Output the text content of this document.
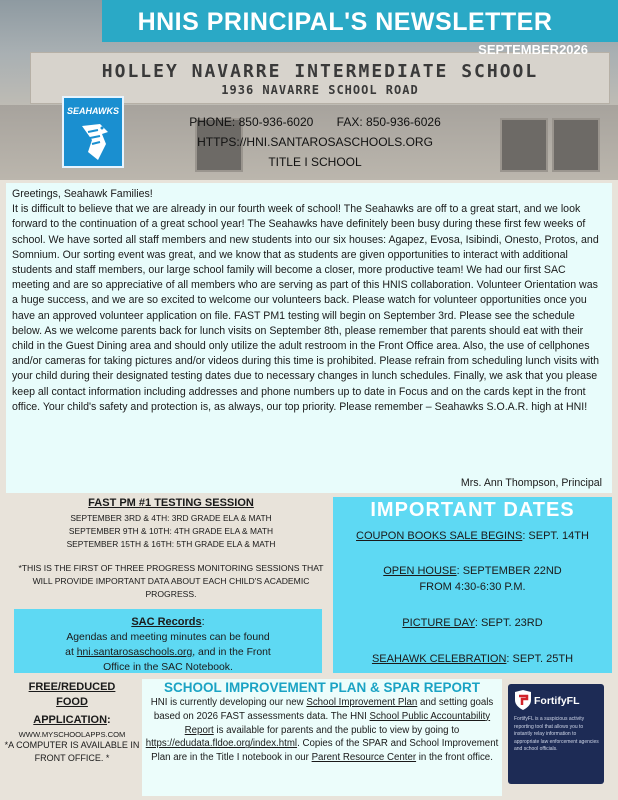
HOLLEY NAVARRE INTERMEDIATE SCHOOL
1936 NAVARRE SCHOOL ROAD
HNIS PRINCIPAL'S NEWSLETTER
SEPTEMBER2026
SEAHAWKS
PHONE: 850-936-6020 FAX: 850-936-6026
HTTPS://HNI.SANTAROSASCHOOLS.ORG
TITLE I SCHOOL

Greetings, Seahawk Families!

It is difficult to believe that we are already in our fourth week of school! The Seahawks are off to a great start, and we look forward to the continuation of a great school year! The Seahawks have definitely been busy during these first few weeks of school. We have sorted all staff members and new students into our six houses: Agapez, Evosa, Isibindi, Onesto, Protos, and Somnium. Our sorting event was great, and we know that as students are given opportunities to interact with additional students and staff members, our large school family will become a closer, more productive team! We had our first SAC meeting and are so appreciative of all members who are serving as part of this HNIS collaboration. Volunteer Orientation was a huge success, and we are so excited to welcome our volunteers back. Please watch for volunteer opportunities once you have an approved volunteer application on file. FAST PM1 testing will begin on September 3rd. Please see the schedule below. As we welcome parents back for lunch visits on September 8th, please remember that parents should eat with their child in the Guest Dining area and should only utilize the adult restroom in the Front Office area. Also, the use of cellphones and/or cameras for taking pictures and/or videos during this time is prohibited. Please refrain from scheduling lunch visits with your child during their designated testing dates due to necessary changes in lunch schedules. Finally, we ask that you please keep all contact information including addresses and phone numbers up to date in Focus and on the cards kept in the front office. Your child's safety and protection is, as always, our top priority. Please remember – Seahawks S.O.A.R. high at HNI!

Mrs. Ann Thompson, Principal
FAST PM #1 TESTING SESSION
SEPTEMBER 3RD & 4TH: 3RD GRADE ELA & MATH
SEPTEMBER 9TH & 10TH: 4TH GRADE ELA & MATH
SEPTEMBER 15TH & 16TH: 5TH GRADE ELA & MATH
*THIS IS THE FIRST OF THREE PROGRESS MONITORING SESSIONS THAT WILL PROVIDE IMPORTANT DATA ABOUT EACH CHILD'S ACADEMIC PROGRESS.
IMPORTANT DATES
COUPON BOOKS SALE BEGINS: SEPT. 14TH
OPEN HOUSE: SEPTEMBER 22ND
FROM 4:30-6:30 P.M.
PICTURE DAY: SEPT. 23RD
SEAHAWK CELEBRATION: SEPT. 25TH
SAC Records:
Agendas and meeting minutes can be found
at hni.santarosaschools.org, and in the Front
Office in the SAC Notebook.
FREE/REDUCED
FOOD
APPLICATION:
WWW.MYSCHOOLAPPS.COM
*A COMPUTER IS AVAILABLE IN FRONT OFFICE. *
SCHOOL IMPROVEMENT PLAN & SPAR REPORT
HNI is currently developing our new School Improvement Plan and setting goals based on 2026 FAST assessments data. The HNI School Public Accountability Report is available for parents and the public to view by going to https://edudata.fldoe.org/index.html. Copies of the SPAR and School Improvement Plan are in the Title I notebook in our Parent Resource Center in the front office.
FortifyFL
FortifyFL is a suspicious activity reporting tool that allows you to instantly relay information to appropriate law enforcement agencies and school officials.
